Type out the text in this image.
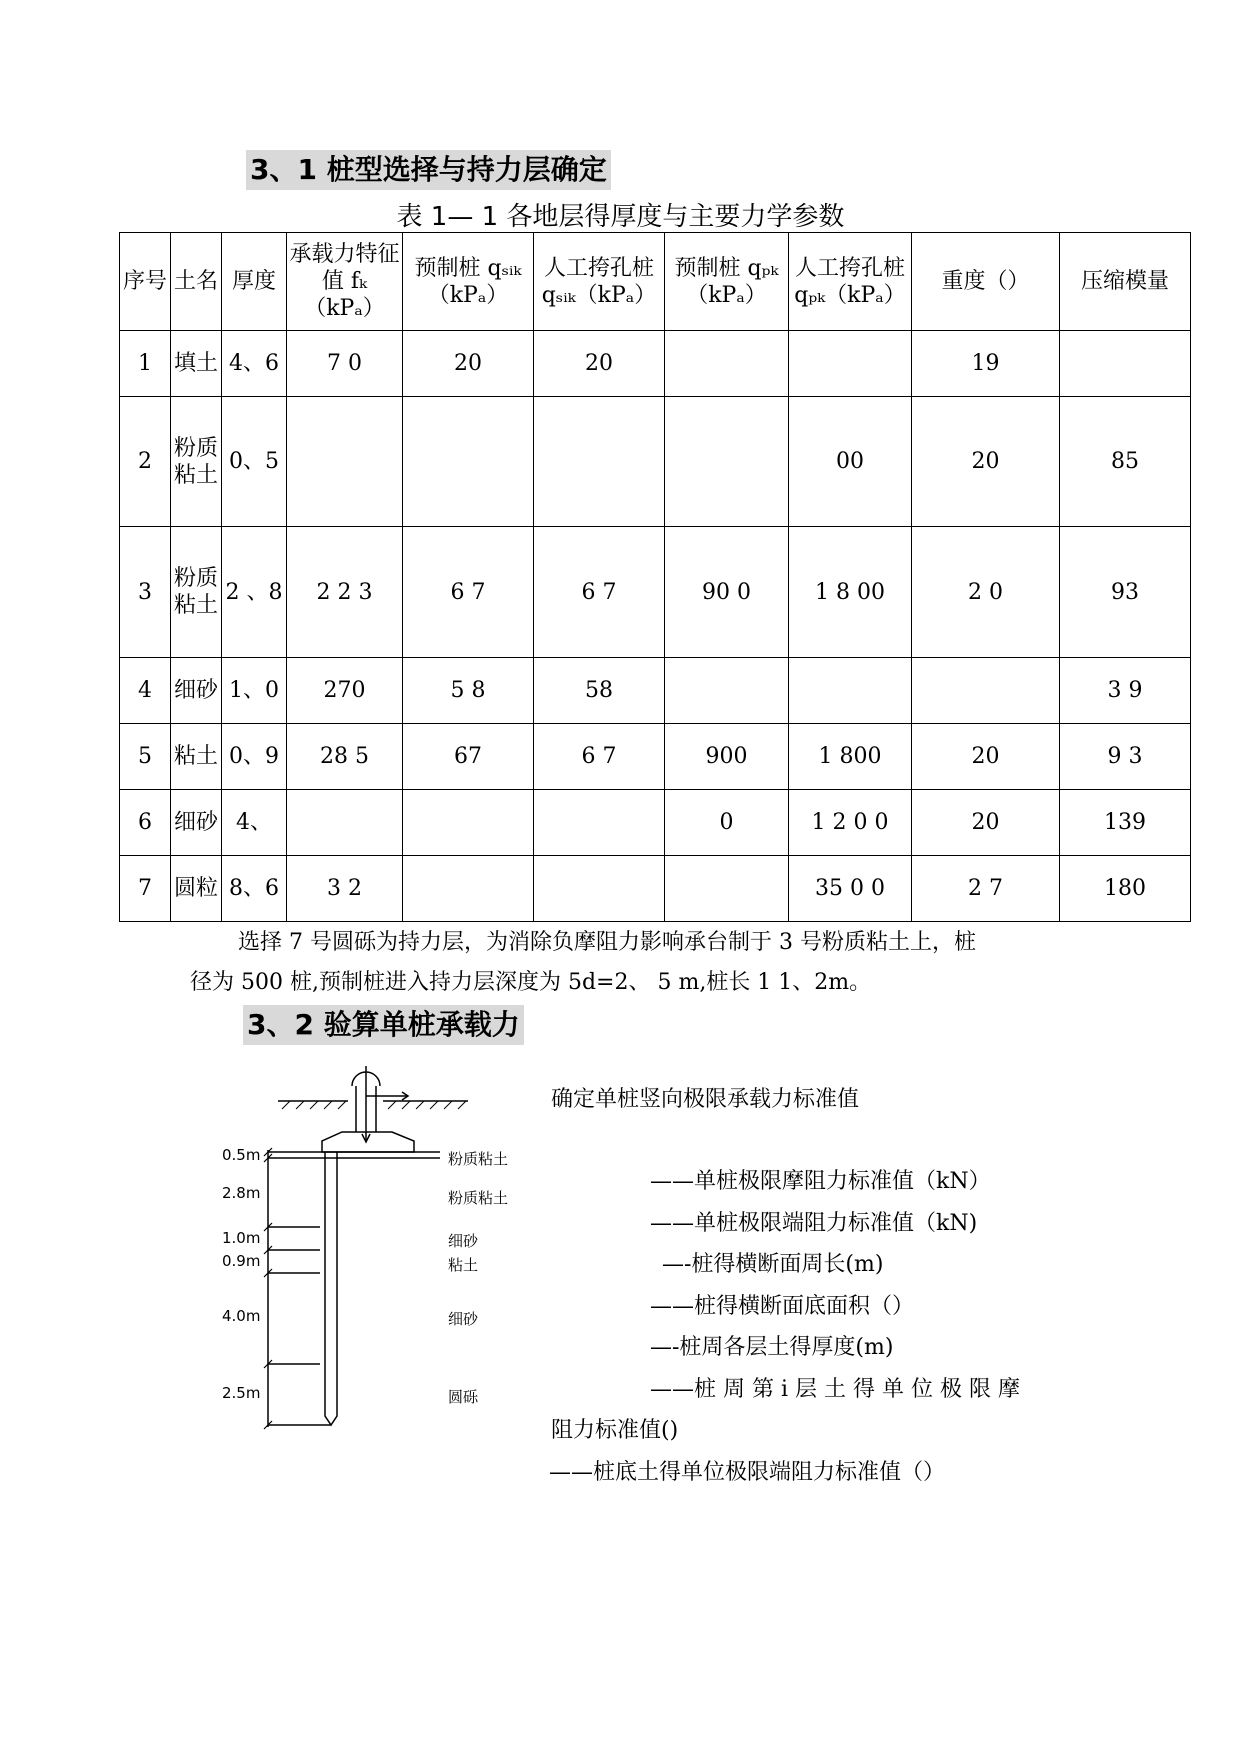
3、1 桩型选择与持力层确定
表 1— 1 各地层得厚度与主要力学参数
序号	土名	厚度	承载力特征值 fₖ（kPₐ）	预制桩 qₛᵢₖ（kPₐ）	人工挎孔桩 qₛᵢₖ（kPₐ）	预制桩 qₚₖ（kPₐ）	人工挎孔桩 qₚₖ（kPₐ）	重度（）	压缩模量
1	填土	4、6	7 0	20	20			19	
2	粉质粘土	0、5					00	20	85
3	粉质粘土	2 、8	2 2 3	6 7	6 7	90 0	1 8 00	2 0	93
4	细砂	1、0	270	5 8	58				3 9
5	粘土	0、9	28 5	67	6 7	900	1 800	20	9 3
6	细砂	4、				0	1 2 0 0	20	139
7	圆粒	8、6	3 2				35 0 0	2 7	180
选择 7 号圆砾为持力层，为消除负摩阻力影响承台制于 3 号粉质粘土上，桩
径为 500 桩,预制桩进入持力层深度为 5d=2、 5 m,桩长 1 1、2m。
3、2 验算单桩承载力
0.5m
2.8m
1.0m
0.9m
4.0m
2.5m
粉质粘土
粉质粘土
细砂
粘土
细砂
圆砾
确定单桩竖向极限承载力标准值
——单桩极限摩阻力标准值（kN）
——单桩极限端阻力标准值（kN)
—-桩得横断面周长(m)
——桩得横断面底面积（）
—-桩周各层土得厚度(m)
——桩 周 第 i 层 土 得 单 位 极 限 摩
阻力标准值()
——桩底土得单位极限端阻力标准值（）
